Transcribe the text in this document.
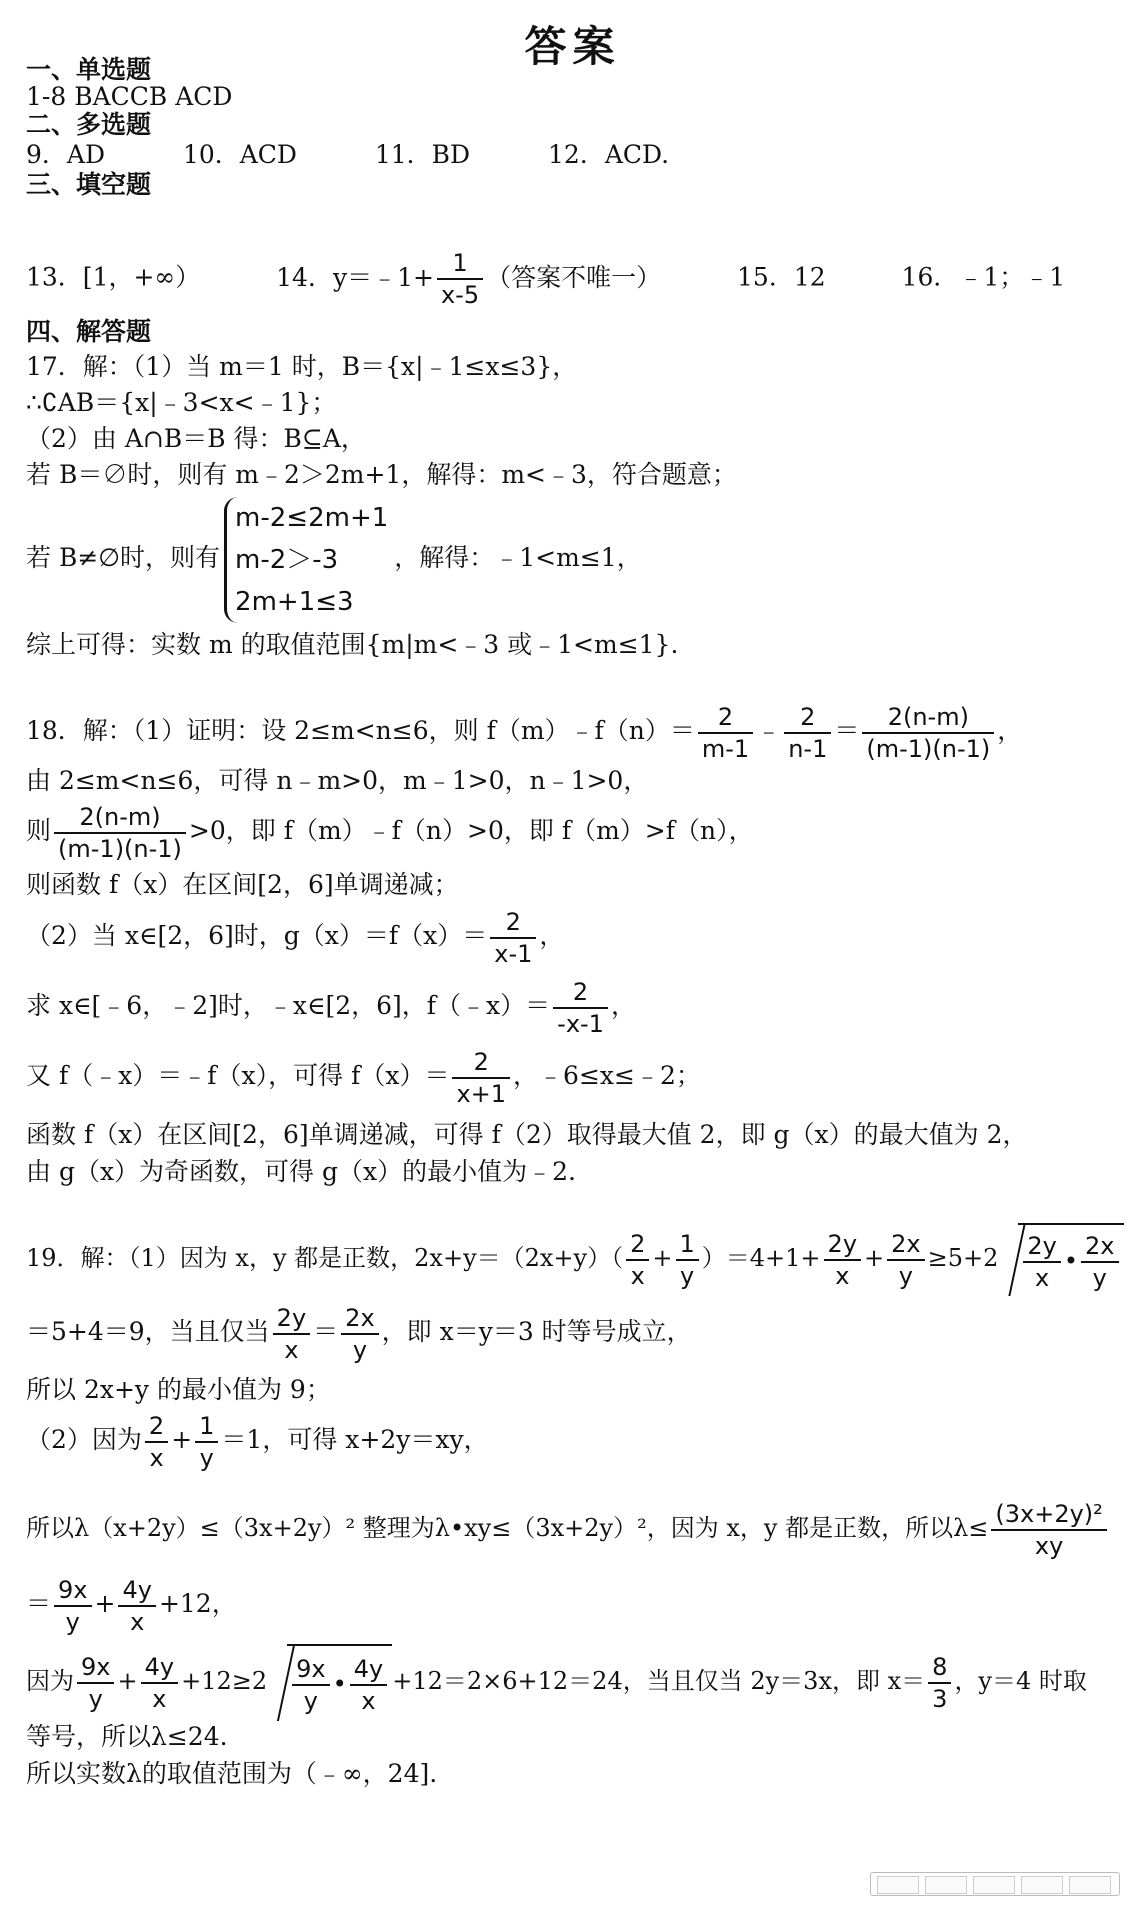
答案
一、单选题
1-8 BACCB ACD
二、多选题
9．AD	10．ACD	11．BD	12．ACD.
三、填空题
13．[1，+∞）	14．y＝﹣1+ $\frac{1}{x-5}$ （答案不唯一）	15．12	16．﹣1；﹣1
四、解答题
17．解：（1）当 m＝1 时，B＝{x|﹣1≤x≤3}，
∴∁AB＝{x|﹣3<x<﹣1}；
（2）由 A∩B＝B 得：B⊆A，
若 B＝∅时，则有 m﹣2＞2m+1，解得：m<﹣3，符合题意；
若 B≠∅时，则有
m-2≤2m+1
m-2＞-3
2m+1≤3
，解得：﹣1<m≤1，
综上可得：实数 m 的取值范围{m|m<﹣3 或﹣1<m≤1}.
18．解：（1）证明：设 2≤m<n≤6，则 f（m）﹣f（n）＝ $\frac{2}{m-1}$ ﹣ $\frac{2}{n-1} = \frac{2(n-m)}{(m-1)(n-1)}$ ，
由 2≤m<n≤6，可得 n﹣m>0，m﹣1>0，n﹣1>0，
则 $\frac{2(n-m)}{(m-1)(n-1)} >0$，即 f（m）﹣f（n）>0，即 f（m）>f（n），
则函数 f（x）在区间[2，6]单调递减；
（2）当 x∈[2，6]时，$g(x)=f(x)= \frac{2}{x-1}$ ，
求 x∈[﹣6，﹣2]时，﹣x∈[2，6]，f（﹣x）＝ $\frac{2}{-x-1}$ ，
又 f（﹣x）＝﹣f（x），可得 $f(x)= \frac{2}{x+1}$ ，﹣6≤x≤﹣2；
函数 f（x）在区间[2，6]单调递减，可得 f（2）取得最大值 2，即 g（x）的最大值为 2，
由 g（x）为奇函数，可得 g（x）的最小值为﹣2.
19．解：（1）因为 x，y 都是正数，$2x+y=(2x+y)( \frac{2}{x} + \frac{1}{y} )=4+1+ \frac{2y}{x} + \frac{2x}{y} \ge 5+2 \frac{2y}{x}$ • $\frac{2x}{y}$
＝5+4＝9，当且仅当 $\frac{2y}{x} = \frac{2x}{y}$ ，即 x＝y＝3 时等号成立，
所以 2x+y 的最小值为 9；
（2）因为 $\frac{2}{x} + \frac{1}{y} =1$，可得 x+2y＝xy，
所以λ（x+2y）≤（3x+2y）² 整理为λ•xy≤（3x+2y）²，因为 x，y 都是正数，所以$\lambda\le \frac{\text{(3x+2y)²}}{xy}$
＝ $\frac{9x}{y} + \frac{4y}{x} +12$，
因为 $\frac{9x}{y} + \frac{4y}{x} +12\ge 2 \frac{9x}{y}$ • $\frac{4y}{x} +12=2\times 6+12=24$，当且仅当 2y＝3x，即 $x= \frac{8}{3}$ ，y＝4 时取
等号，所以λ≤24.
所以实数λ的取值范围为（﹣∞，24].
